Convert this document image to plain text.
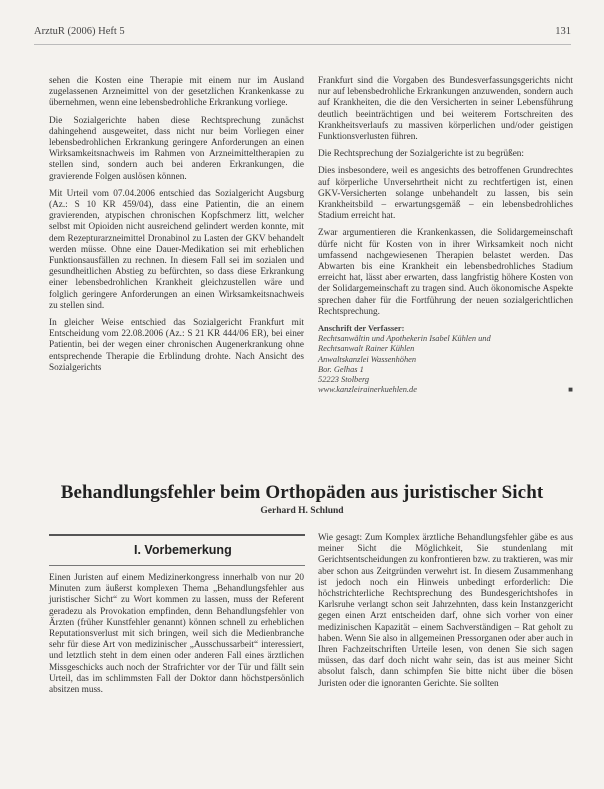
ArztuR (2006) Heft 5	131

sehen die Kosten eine Therapie mit einem nur im Ausland zugelassenen Arzneimittel von der gesetzlichen Krankenkasse zu übernehmen, wenn eine lebensbedrohliche Erkrankung vorliege.

Die Sozialgerichte haben diese Rechtsprechung zunächst dahingehend ausgeweitet, dass nicht nur beim Vorliegen einer lebensbedrohlichen Erkrankung geringere Anforderungen an einen Wirksamkeitsnachweis im Rahmen von Arzneimitteltherapien zu stellen sind, sondern auch bei anderen Erkrankungen, die gravierende Folgen auslösen können.

Mit Urteil vom 07.04.2006 entschied das Sozialgericht Augsburg (Az.: S 10 KR 459/04), dass eine Patientin, die an einem gravierenden, atypischen chronischen Kopfschmerz litt, welcher selbst mit Opioiden nicht ausreichend gelindert werden konnte, mit dem Rezepturarzneimittel Dronabinol zu Lasten der GKV behandelt werden müsse. Ohne eine Dauer-Medikation sei mit erheblichen Funktionsausfällen zu rechnen. In diesem Fall sei im sozialen und gesundheitlichen Abstieg zu befürchten, so dass diese Erkrankung einer lebensbedrohlichen Krankheit gleichzustellen wäre und folglich geringere Anforderungen an einen Wirksamkeitsnachweis zu stellen sind.

In gleicher Weise entschied das Sozialgericht Frankfurt mit Entscheidung vom 22.08.2006 (Az.: S 21 KR 444/06 ER), bei einer Patientin, bei der wegen einer chronischen Augenerkrankung ohne entsprechende Therapie die Erblindung drohte. Nach Ansicht des Sozialgerichts

Frankfurt sind die Vorgaben des Bundesverfassungsgerichts nicht nur auf lebensbedrohliche Erkrankungen anzuwenden, sondern auch auf Krankheiten, die die den Versicherten in seiner Lebensführung deutlich beeinträchtigen und bei weiterem Fortschreiten des Krankheitsverlaufs zu massiven körperlichen und/oder geistigen Funktionsverlusten führen.

Die Rechtsprechung der Sozialgerichte ist zu begrüßen:

Dies insbesondere, weil es angesichts des betroffenen Grundrechtes auf körperliche Unversehrtheit nicht zu rechtfertigen ist, einen GKV-Versicherten solange unbehandelt zu lassen, bis sein Krankheitsbild – erwartungsgemäß – ein lebensbedrohliches Stadium erreicht hat.

Zwar argumentieren die Krankenkassen, die Solidargemeinschaft dürfe nicht für Kosten von in ihrer Wirksamkeit noch nicht umfassend nachgewiesenen Therapien belastet werden. Das Abwarten bis eine Krankheit ein lebensbedrohliches Stadium erreicht hat, lässt aber erwarten, dass langfristig höhere Kosten von der Solidargemeinschaft zu tragen sind. Auch ökonomische Aspekte sprechen daher für die Fortführung der neuen sozialgerichtlichen Rechtsprechung.

Anschrift der Verfasser:
Rechtsanwältin und Apothekerin Isabel Kühlen und
Rechtsanwalt Rainer Kühlen
Anwaltskanzlei Wassenhöhen
Bor. Gelhas 1
52223 Stolberg
www.kanzleirainerkuehlen.de	■
Behandlungsfehler beim Orthopäden aus juristischer Sicht
Gerhard H. Schlund
I. Vorbemerkung

Einen Juristen auf einem Medizinerkongress innerhalb von nur 20 Minuten zum äußerst komplexen Thema „Behandlungsfehler aus juristischer Sicht“ zu Wort kommen zu lassen, muss der Referent geradezu als Provokation empfinden, denn Behandlungsfehler von Ärzten (früher Kunstfehler genannt) können schnell zu erheblichen Reputationsverlust mit sich bringen, weil sich die Medienbranche sehr für diese Art von medizinischer „Ausschussarbeit“ interessiert, und letztlich steht in dem einen oder anderen Fall eines ärztlichen Missgeschicks auch noch der Strafrichter vor der Tür und fällt sein Urteil, das im schlimmsten Fall der Doktor dann höchstpersönlich absitzen muss.

Wie gesagt: Zum Komplex ärztliche Behandlungsfehler gäbe es aus meiner Sicht die Möglichkeit, Sie stundenlang mit Gerichtsentscheidungen zu konfrontieren bzw. zu traktieren, was mir aber schon aus Zeitgründen verwehrt ist. In diesem Zusammenhang ist jedoch noch ein Hinweis unbedingt erforderlich: Die höchstrichterliche Rechtsprechung des Bundesgerichtshofes in Karlsruhe verlangt schon seit Jahrzehnten, dass kein Instanzgericht gegen einen Arzt entscheiden darf, ohne sich vorher von einer medizinischen Kapazität – einem Sachverständigen – Rat geholt zu haben. Wenn Sie also in allgemeinen Pressorganen oder aber auch in Ihren Fachzeitschriften Urteile lesen, von denen Sie sich sagen müssen, das darf doch nicht wahr sein, das ist aus meiner Sicht absolut falsch, dann schimpfen Sie bitte nicht über die bösen Juristen oder die ignoranten Gerichte. Sie sollten
